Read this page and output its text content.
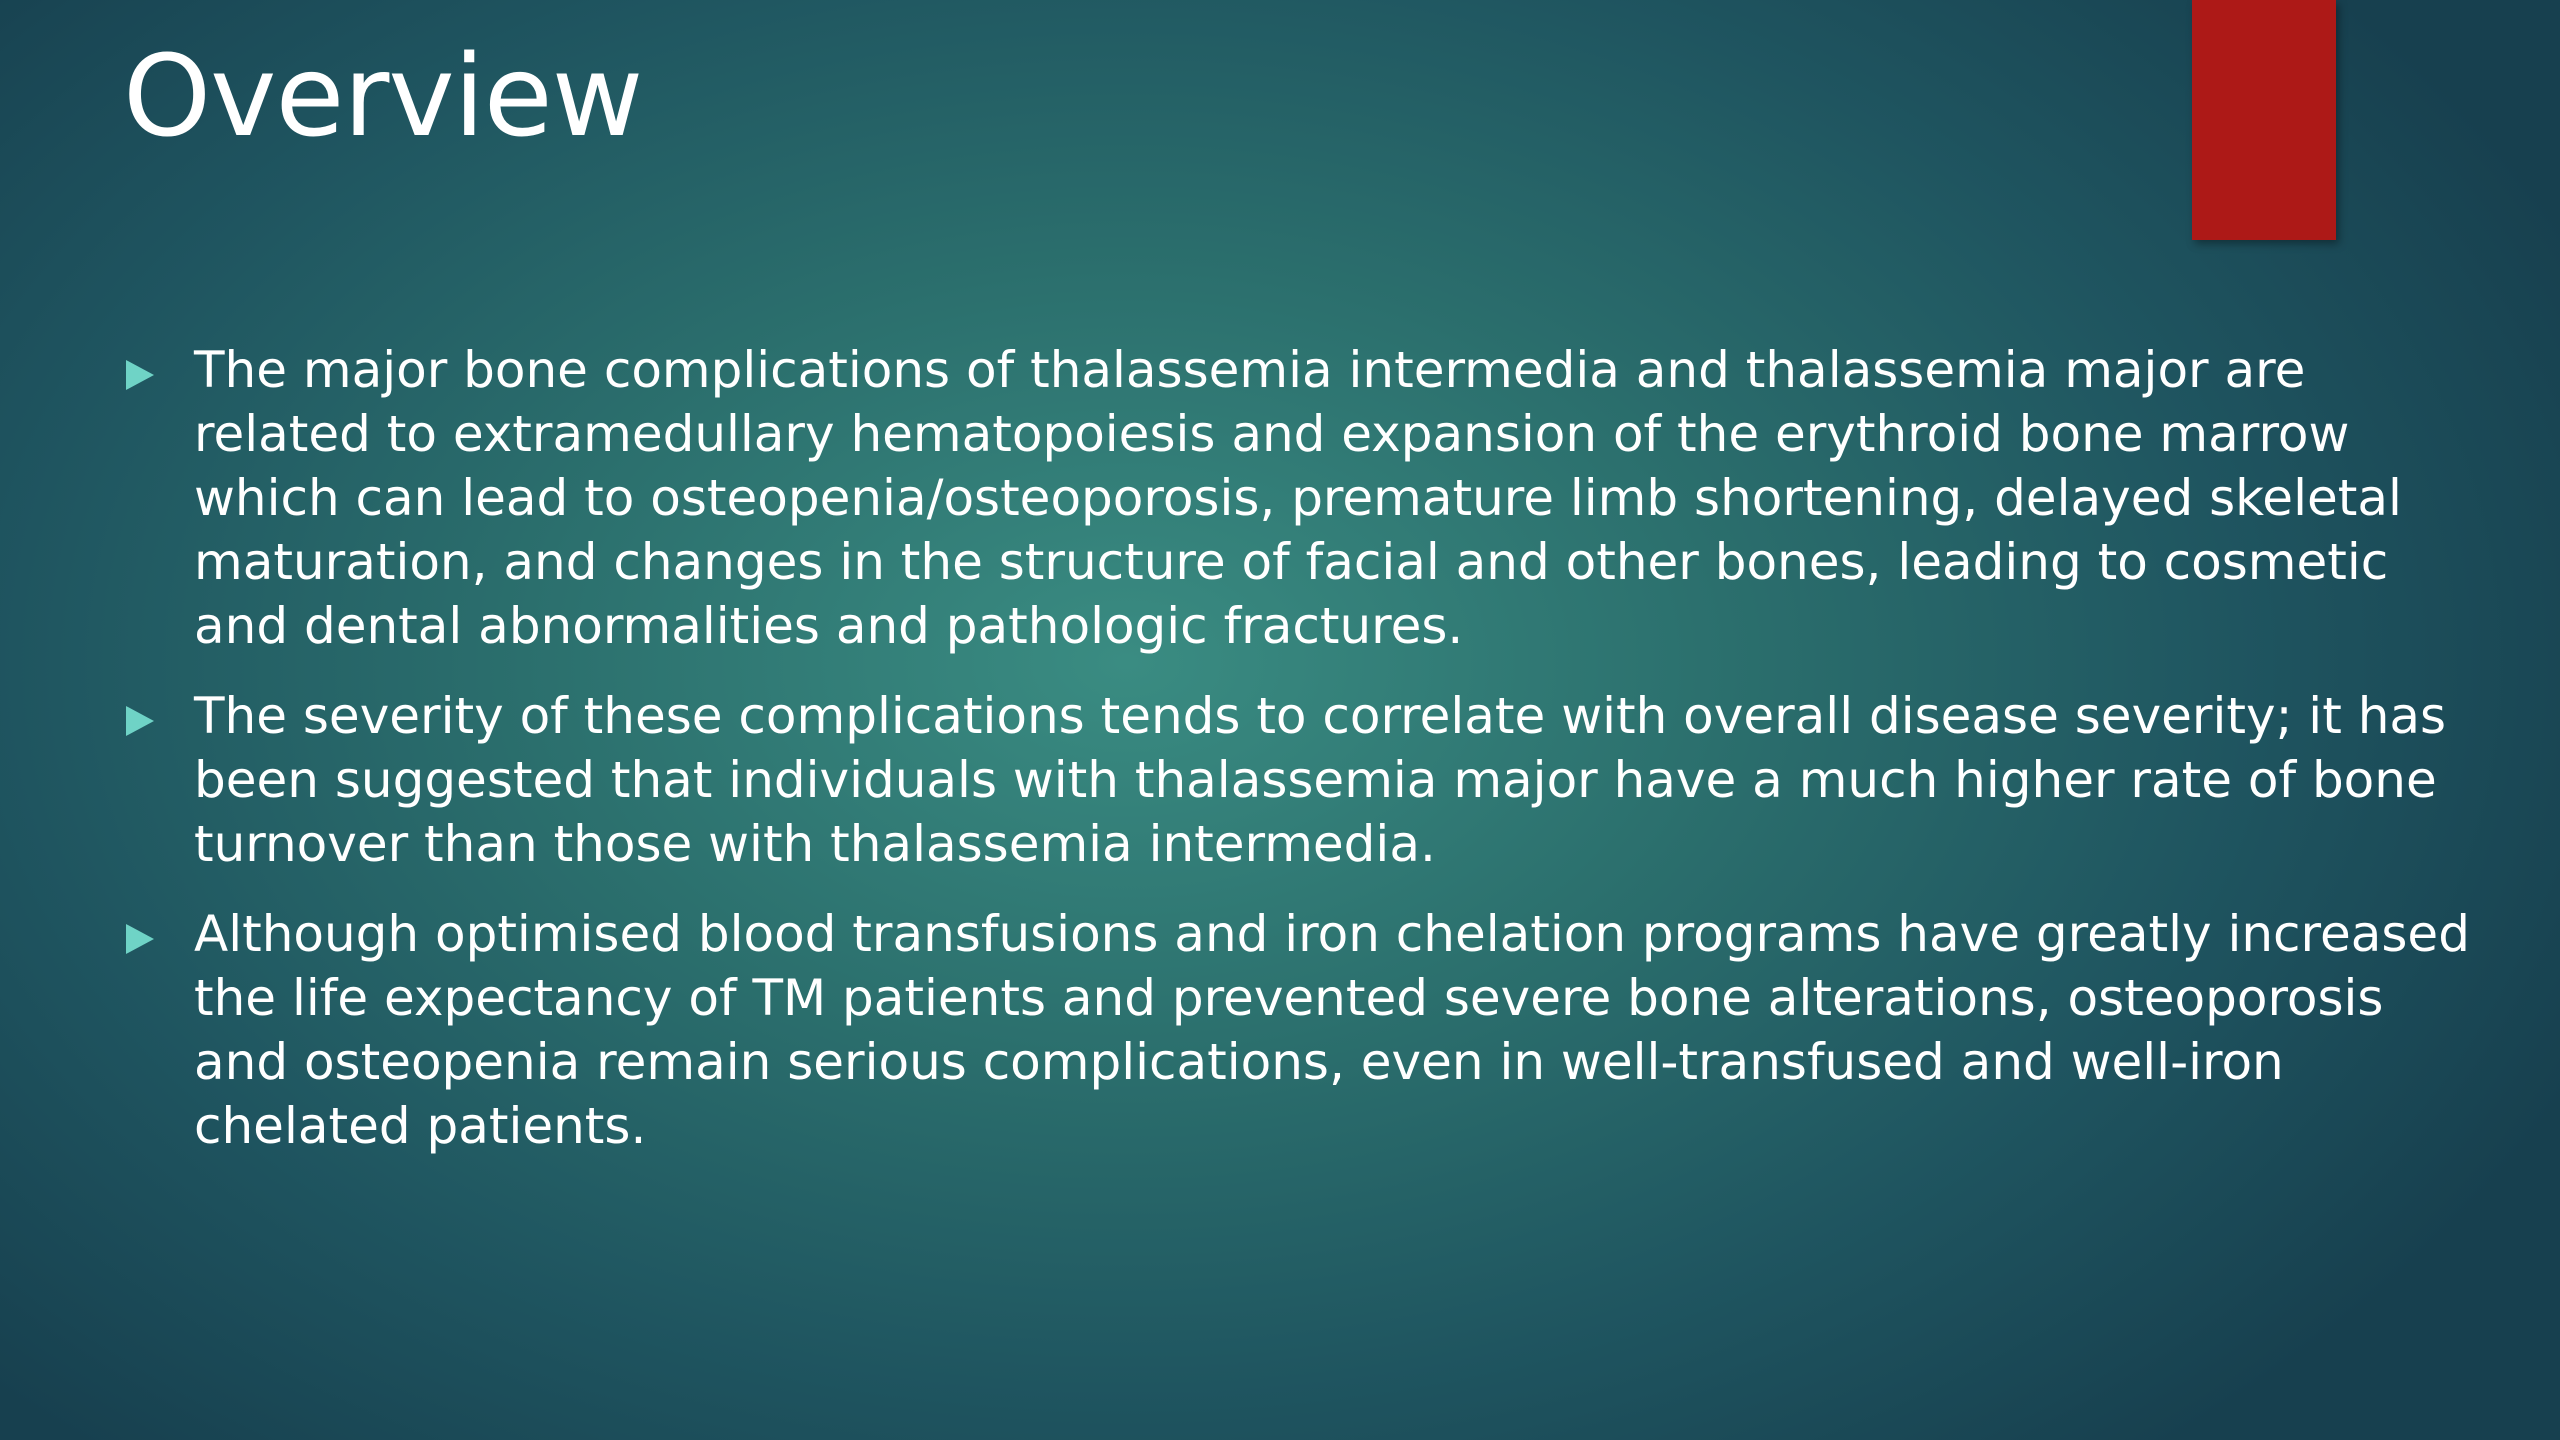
Overview
The major bone complications of thalassemia intermedia and thalassemia major are related to extramedullary hematopoiesis and expansion of the erythroid bone marrow which can lead to osteopenia/osteoporosis, premature limb shortening, delayed skeletal maturation, and changes in the structure of facial and other bones, leading to cosmetic and dental abnormalities and pathologic fractures.
The severity of these complications tends to correlate with overall disease severity; it has been suggested that individuals with thalassemia major have a much higher rate of bone turnover than those with thalassemia intermedia.
Although optimised blood transfusions and iron chelation programs have greatly increased the life expectancy of TM patients and prevented severe bone alterations, osteoporosis and osteopenia remain serious complications, even in well-transfused and well-iron chelated patients.
